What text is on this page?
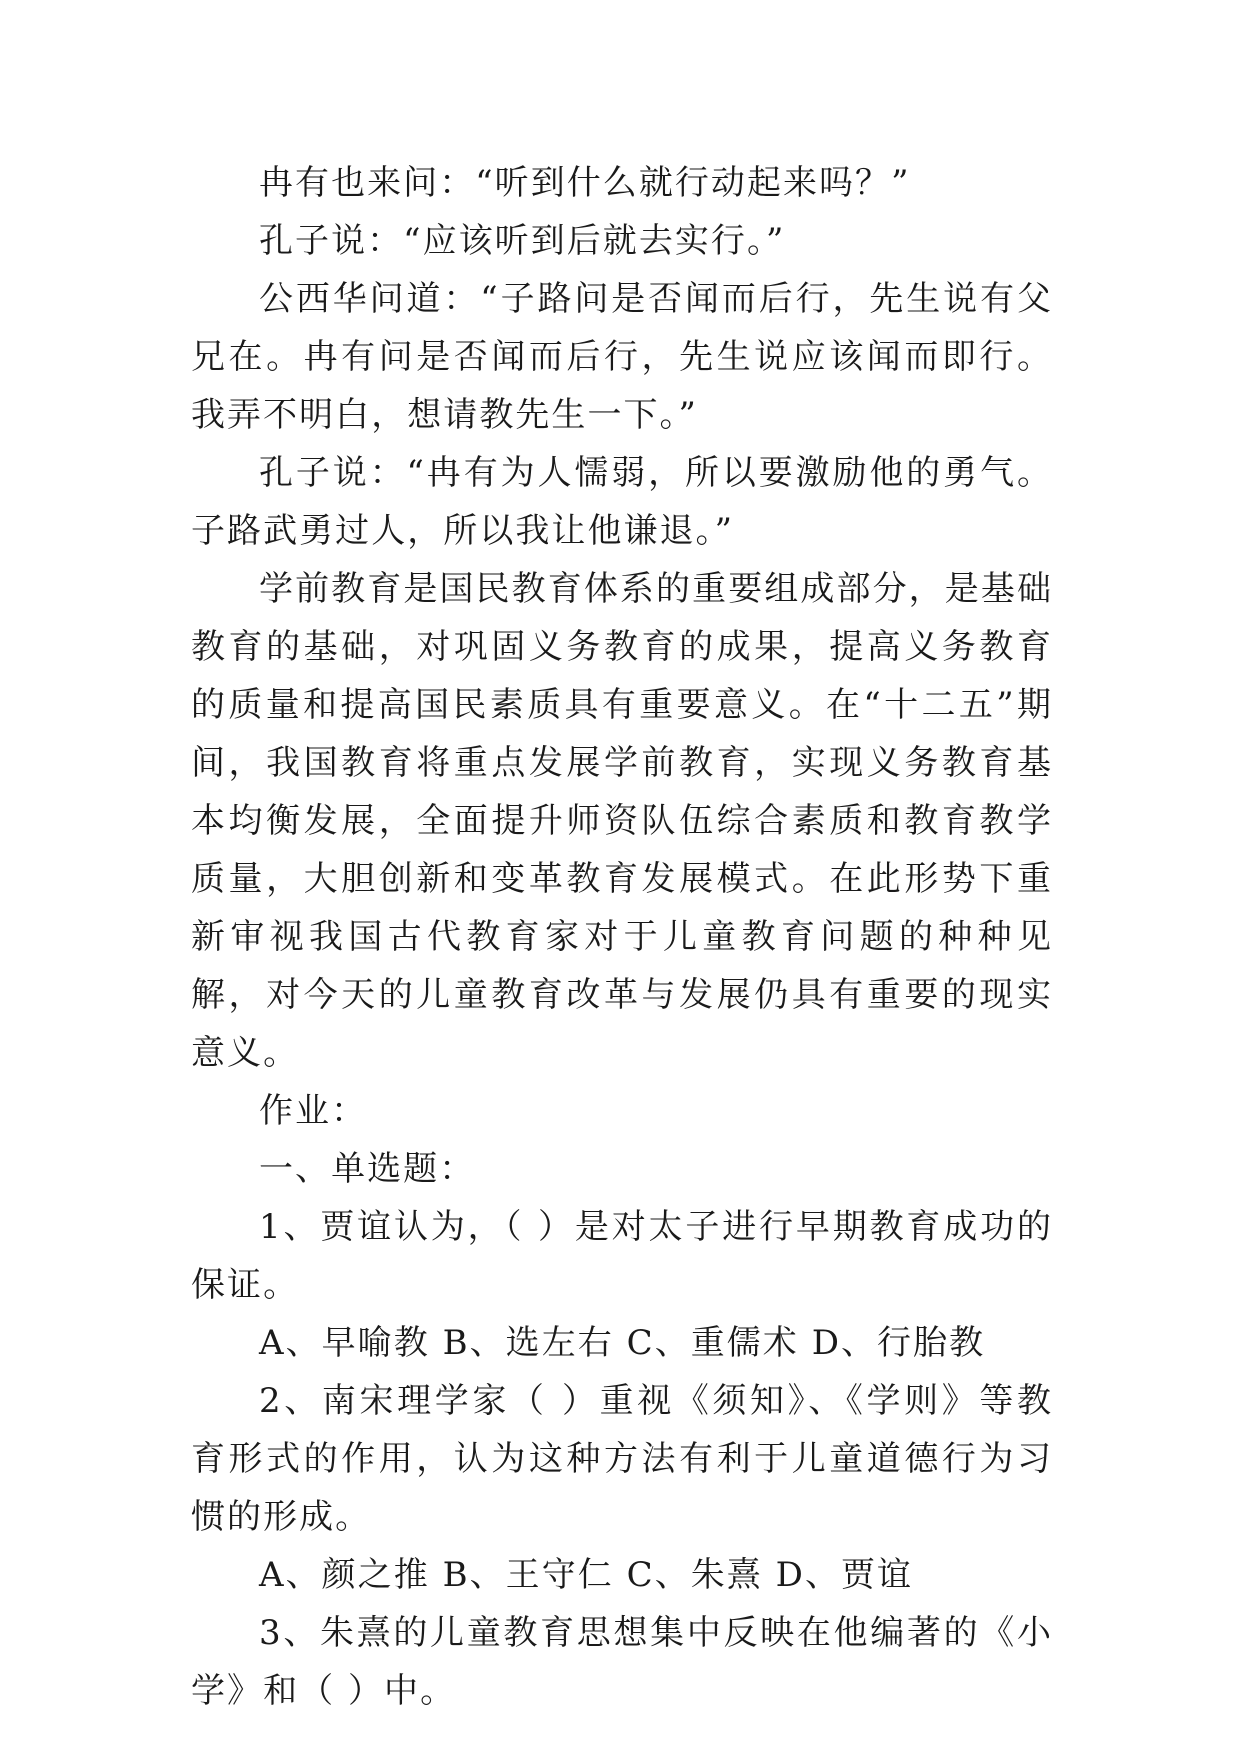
冉有也来问：“听到什么就行动起来吗？”

孔子说：“应该听到后就去实行。”

公西华问道：“子路问是否闻而后行，先生说有父兄在。冉有问是否闻而后行，先生说应该闻而即行。我弄不明白，想请教先生一下。”

孔子说：“冉有为人懦弱，所以要激励他的勇气。子路武勇过人，所以我让他谦退。”

学前教育是国民教育体系的重要组成部分，是基础教育的基础，对巩固义务教育的成果，提高义务教育的质量和提高国民素质具有重要意义。在“十二五”期间，我国教育将重点发展学前教育，实现义务教育基本均衡发展，全面提升师资队伍综合素质和教育教学质量，大胆创新和变革教育发展模式。在此形势下重新审视我国古代教育家对于儿童教育问题的种种见解，对今天的儿童教育改革与发展仍具有重要的现实意义。

作业：

一、单选题：

1、贾谊认为，（ ）是对太子进行早期教育成功的保证。

A、早喻教 B、选左右 C、重儒术 D、行胎教

2、南宋理学家（ ）重视《须知》、《学则》等教育形式的作用，认为这种方法有利于儿童道德行为习惯的形成。

A、颜之推 B、王守仁 C、朱熹 D、贾谊

3、朱熹的儿童教育思想集中反映在他编著的《小学》和（ ）中。
